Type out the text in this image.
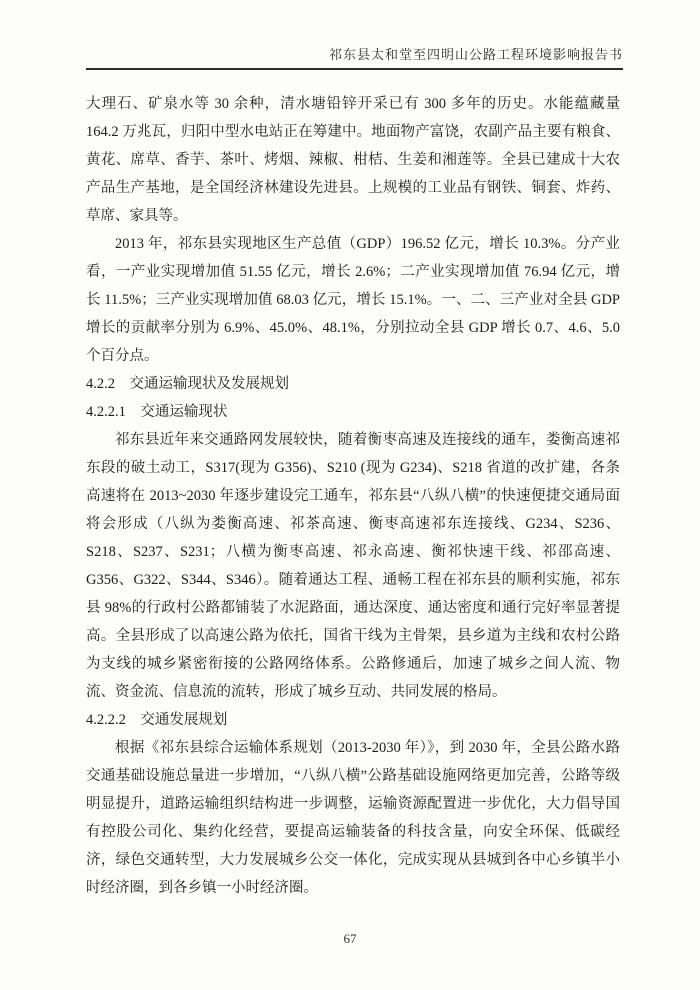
祁东县太和堂至四明山公路工程环境影响报告书

大理石、矿泉水等 30 余种，清水塘铅锌开采已有 300 多年的历史。水能蕴藏量 164.2 万兆瓦，归阳中型水电站正在筹建中。地面物产富饶，农副产品主要有粮食、黄花、席草、香芋、茶叶、烤烟、辣椒、柑桔、生姜和湘莲等。全县已建成十大农产品生产基地，是全国经济林建设先进县。上规模的工业品有钢铁、铜套、炸药、草席、家具等。

2013 年，祁东县实现地区生产总值（GDP）196.52 亿元，增长 10.3%。分产业看，一产业实现增加值 51.55 亿元，增长 2.6%；二产业实现增加值 76.94 亿元，增长 11.5%；三产业实现增加值 68.03 亿元，增长 15.1%。一、二、三产业对全县 GDP 增长的贡献率分别为 6.9%、45.0%、48.1%，分别拉动全县 GDP 增长 0.7、4.6、5.0 个百分点。

4.2.2　交通运输现状及发展规划
4.2.2.1　交通运输现状

祁东县近年来交通路网发展较快，随着衡枣高速及连接线的通车，娄衡高速祁东段的破土动工，S317(现为 G356)、S210 (现为 G234)、S218 省道的改扩建，各条高速将在 2013~2030 年逐步建设完工通车，祁东县“八纵八横”的快速便捷交通局面将会形成（八纵为娄衡高速、祁茶高速、衡枣高速祁东连接线、G234、S236、S218、S237、S231；八横为衡枣高速、祁永高速、衡祁快速干线、祁邵高速、G356、G322、S344、S346）。随着通达工程、通畅工程在祁东县的顺利实施，祁东县 98%的行政村公路都铺装了水泥路面，通达深度、通达密度和通行完好率显著提高。全县形成了以高速公路为依托，国省干线为主骨架，县乡道为主线和农村公路为支线的城乡紧密衔接的公路网络体系。公路修通后，加速了城乡之间人流、物流、资金流、信息流的流转，形成了城乡互动、共同发展的格局。

4.2.2.2　交通发展规划

根据《祁东县综合运输体系规划（2013-2030 年）》，到 2030 年，全县公路水路交通基础设施总量进一步增加，“八纵八横”公路基础设施网络更加完善，公路等级明显提升，道路运输组织结构进一步调整，运输资源配置进一步优化，大力倡导国有控股公司化、集约化经营，要提高运输装备的科技含量，向安全环保、低碳经济，绿色交通转型，大力发展城乡公交一体化，完成实现从县城到各中心乡镇半小时经济圈，到各乡镇一小时经济圈。

67
